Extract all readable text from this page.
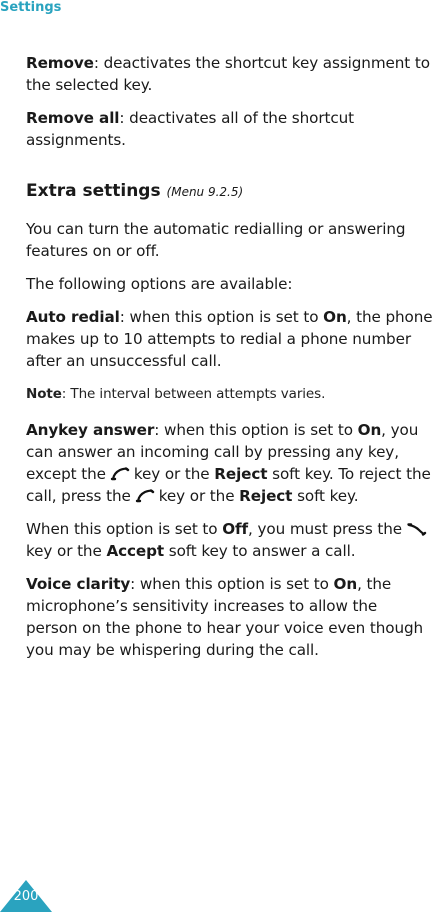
Settings

Remove: deactivates the shortcut key assignment to the selected key.

Remove all: deactivates all of the shortcut assignments.

Extra settings (Menu 9.2.5)

You can turn the automatic redialling or answering features on or off.

The following options are available:

Auto redial: when this option is set to On, the phone makes up to 10 attempts to redial a phone number after an unsuccessful call.

Note: The interval between attempts varies.

Anykey answer: when this option is set to On, you can answer an incoming call by pressing any key, except the key or the Reject soft key. To reject the call, press the key or the Reject soft key.

When this option is set to Off, you must press the key or the Accept soft key to answer a call.

Voice clarity: when this option is set to On, the microphone’s sensitivity increases to allow the person on the phone to hear your voice even though you may be whispering during the call.

200
